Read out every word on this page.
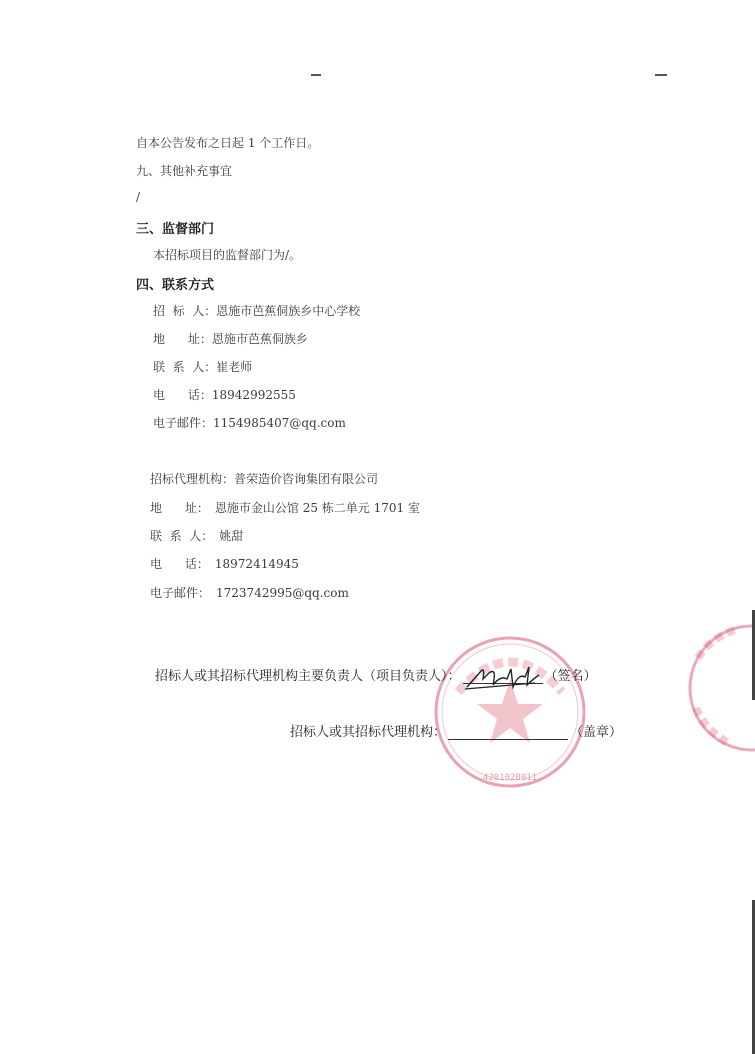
自本公告发布之日起 1 个工作日。
九、其他补充事宜
/
三、监督部门
本招标项目的监督部门为/。
四、联系方式
招  标  人：恩施市芭蕉侗族乡中心学校
地      址：恩施市芭蕉侗族乡
联  系  人：崔老师
电      话：18942992555
电子邮件：1154985407@qq.com
招标代理机构：普荣造价咨询集团有限公司
地      址： 恩施市金山公馆 25 栋二单元 1701 室
联  系  人： 姚甜
电      话： 18972414945
电子邮件： 1723742995@qq.com
4201020011
招标人或其招标代理机构主要负责人（项目负责人）：	（签名）
招标人或其招标代理机构：	（盖章）
